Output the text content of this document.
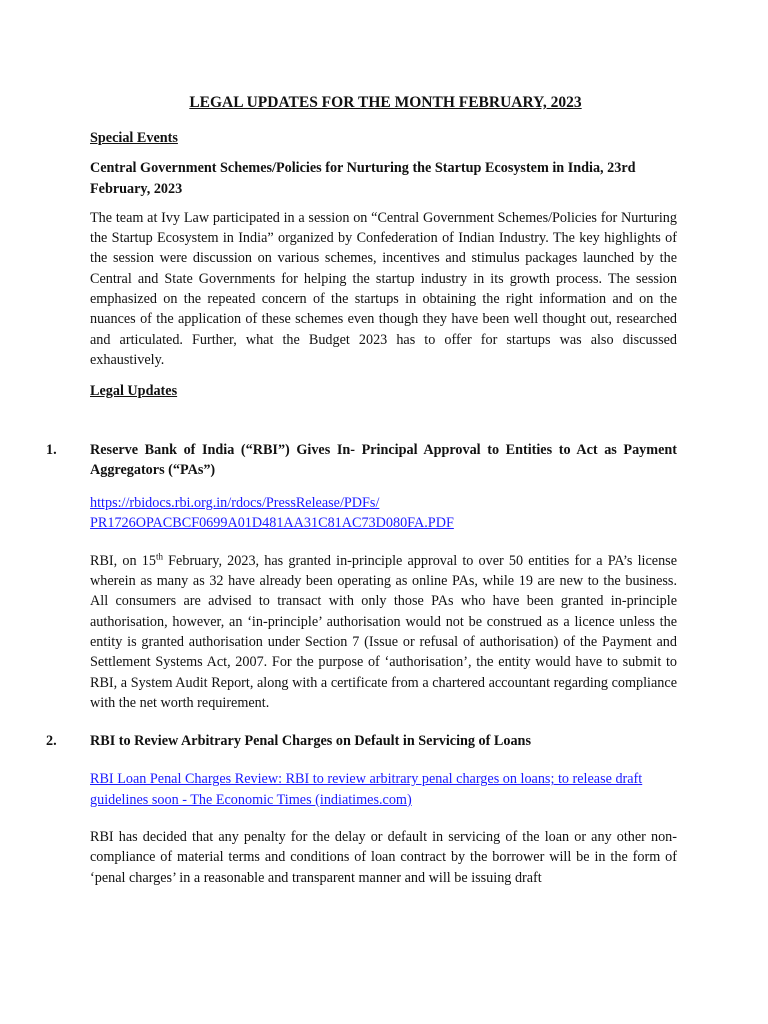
LEGAL UPDATES FOR THE MONTH FEBRUARY, 2023
Special Events
Central Government Schemes/Policies for Nurturing the Startup Ecosystem in India, 23rd February, 2023

The team at Ivy Law participated in a session on “Central Government Schemes/Policies for Nurturing the Startup Ecosystem in India” organized by Confederation of Indian Industry. The key highlights of the session were discussion on various schemes, incentives and stimulus packages launched by the Central and State Governments for helping the startup industry in its growth process. The session emphasized on the repeated concern of the startups in obtaining the right information and on the nuances of the application of these schemes even though they have been well thought out, researched and articulated. Further, what the Budget 2023 has to offer for startups was also discussed exhaustively.

Legal Updates
1. Reserve Bank of India (“RBI”) Gives In- Principal Approval to Entities to Act as Payment Aggregators (“PAs”)
https://rbidocs.rbi.org.in/rdocs/PressRelease/PDFs/
PR1726OPACBCF0699A01D481AA31C81AC73D080FA.PDF

RBI, on 15th February, 2023, has granted in-principle approval to over 50 entities for a PA’s license wherein as many as 32 have already been operating as online PAs, while 19 are new to the business. All consumers are advised to transact with only those PAs who have been granted in-principle authorisation, however, an ‘in-principle’ authorisation would not be construed as a licence unless the entity is granted authorisation under Section 7 (Issue or refusal of authorisation) of the Payment and Settlement Systems Act, 2007. For the purpose of ‘authorisation’, the entity would have to submit to RBI, a System Audit Report, along with a certificate from a chartered accountant regarding compliance with the net worth requirement.

2. RBI to Review Arbitrary Penal Charges on Default in Servicing of Loans
RBI Loan Penal Charges Review: RBI to review arbitrary penal charges on loans; to release draft guidelines soon - The Economic Times (indiatimes.com)

RBI has decided that any penalty for the delay or default in servicing of the loan or any other non-compliance of material terms and conditions of loan contract by the borrower will be in the form of ‘penal charges’ in a reasonable and transparent manner and will be issuing draft
